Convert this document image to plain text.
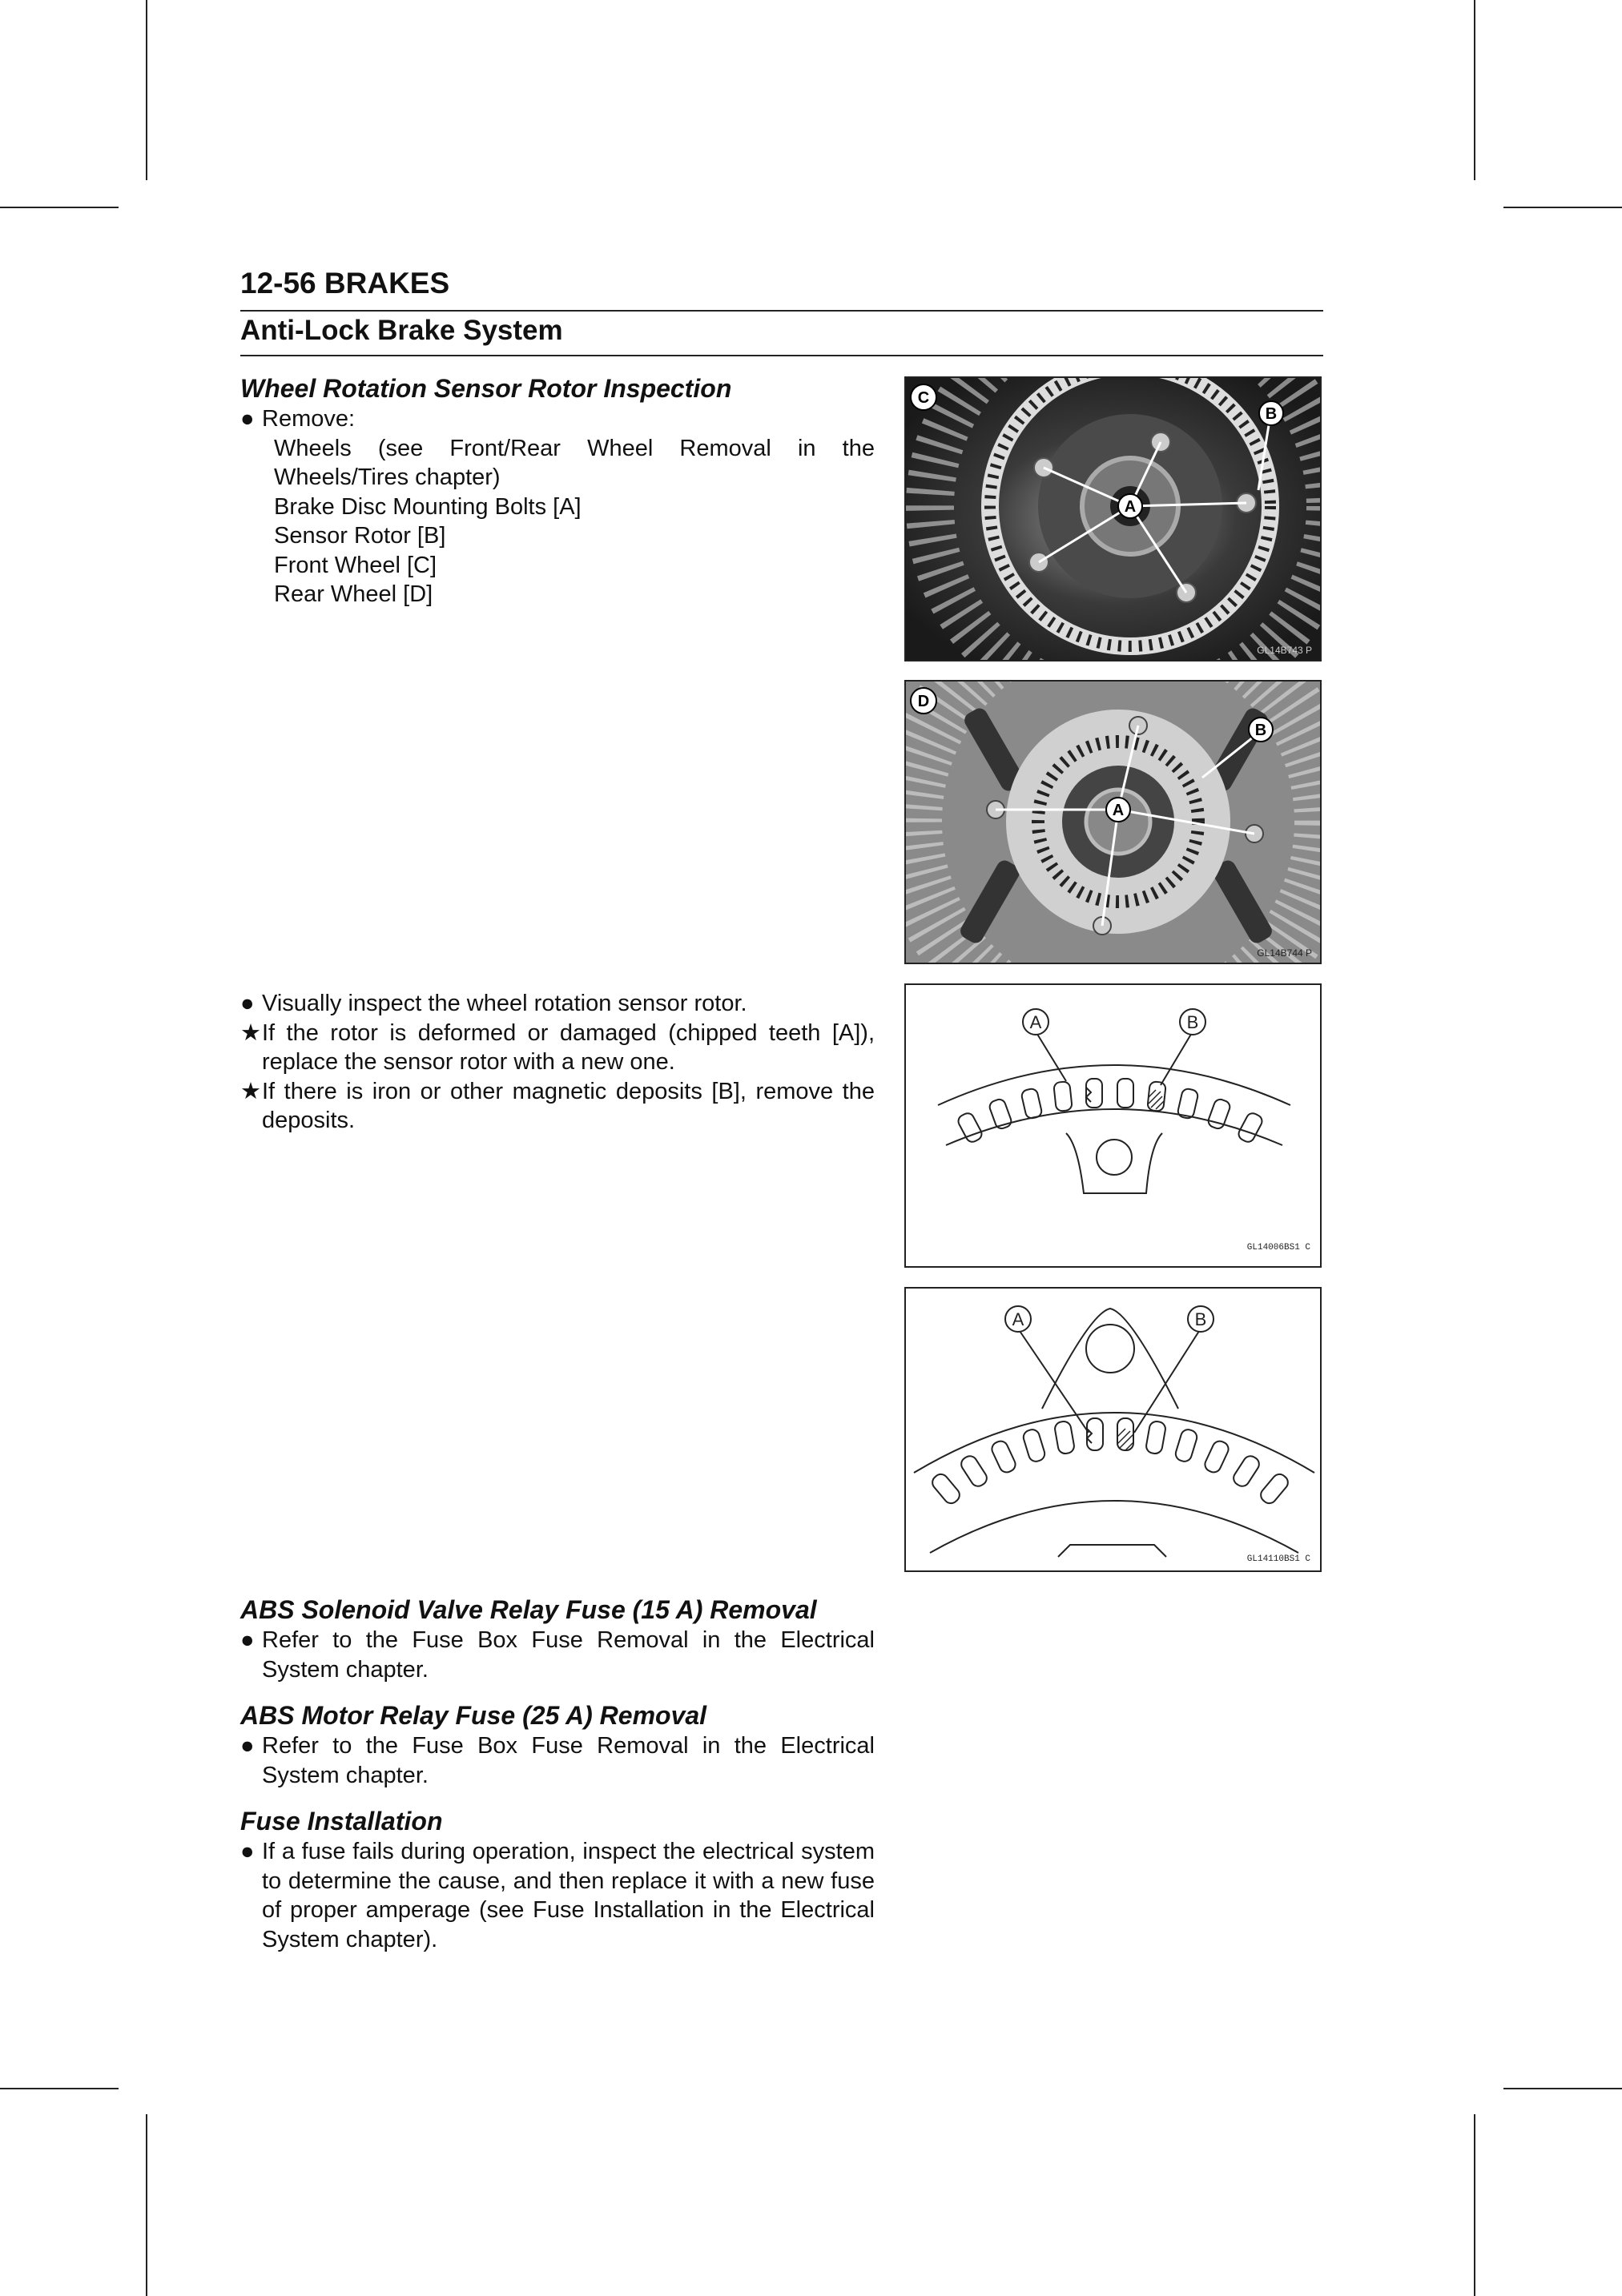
12-56 BRAKES
Anti-Lock Brake System
Wheel Rotation Sensor Rotor Inspection
● Remove:
Wheels (see Front/Rear Wheel Removal in the
Wheels/Tires chapter)
Brake Disc Mounting Bolts [A]
Sensor Rotor [B]
Front Wheel [C]
Rear Wheel [D]
● Visually inspect the wheel rotation sensor rotor.
★ If the rotor is deformed or damaged (chipped teeth [A]), replace the sensor rotor with a new one.
★ If there is iron or other magnetic deposits [B], remove the deposits.
ABS Solenoid Valve Relay Fuse (15 A) Removal
● Refer to the Fuse Box Fuse Removal in the Electrical System chapter.
ABS Motor Relay Fuse (25 A) Removal
● Refer to the Fuse Box Fuse Removal in the Electrical System chapter.
Fuse Installation
● If a fuse fails during operation, inspect the electrical system to determine the cause, and then replace it with a new fuse of proper amperage (see Fuse Installation in the Electrical System chapter).
A
B
C
GL14B743 P
A
B
D
GL14B744 P
A	B
GL14006BS1 C
A	B
GL14110BS1 C
